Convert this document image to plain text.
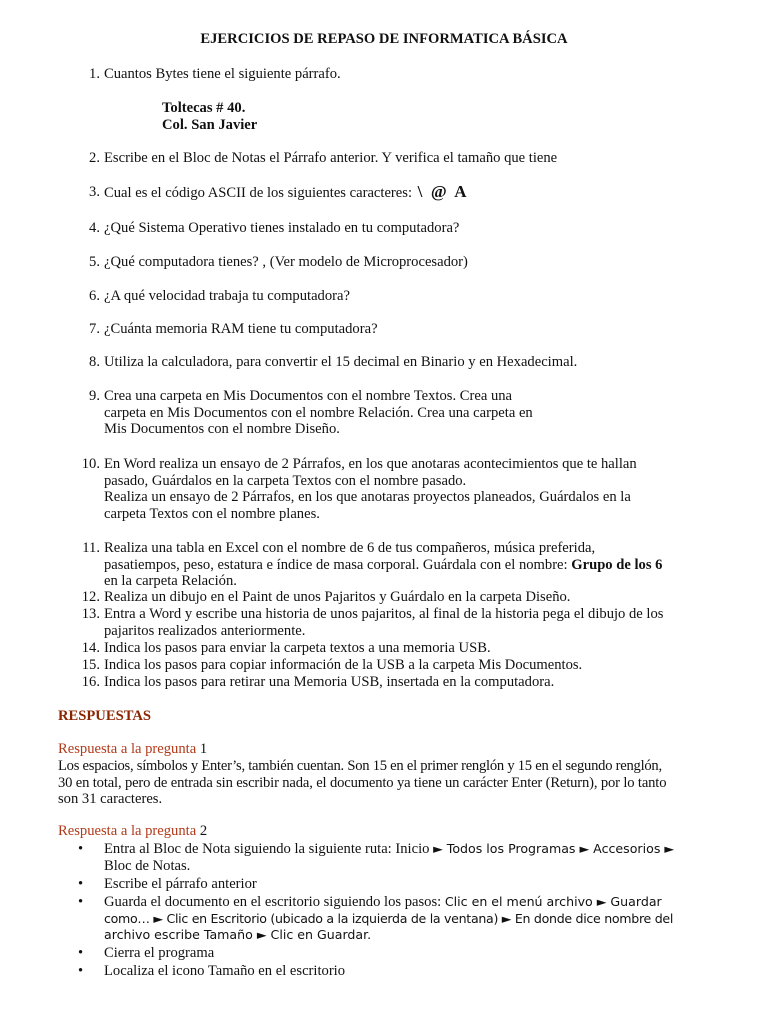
EJERCICIOS DE REPASO DE INFORMATICA BÁSICA
1. Cuantos Bytes tiene el siguiente párrafo.
Toltecas # 40.
Col. San Javier
2. Escribe en el Bloc de Notas el Párrafo anterior. Y verifica el tamaño que tiene
3. Cual es el código ASCII de los siguientes caracteres: \  @  A
4. ¿Qué Sistema Operativo tienes instalado en tu computadora?
5. ¿Qué computadora tienes? , (Ver modelo de Microprocesador)
6. ¿A qué velocidad trabaja tu computadora?
7. ¿Cuánta memoria RAM tiene tu computadora?
8. Utiliza la calculadora, para convertir el 15 decimal en Binario y en Hexadecimal.
9. Crea una carpeta en Mis Documentos con el nombre Textos. Crea una
carpeta en Mis Documentos con el nombre Relación. Crea una carpeta en
Mis Documentos con el nombre Diseño.
10. En Word realiza un ensayo de 2 Párrafos, en los que anotaras acontecimientos que te hallan
pasado, Guárdalos en la carpeta Textos con el nombre pasado.
Realiza un ensayo de 2 Párrafos, en los que anotaras proyectos planeados, Guárdalos en la
carpeta Textos con el nombre planes.
11. Realiza una tabla en Excel con el nombre de 6 de tus compañeros, música preferida,
pasatiempos, peso, estatura e índice de masa corporal. Guárdala con el nombre: Grupo de los 6
en la carpeta Relación.
12. Realiza un dibujo en el Paint de unos Pajaritos y Guárdalo en la carpeta Diseño.
13. Entra a Word y escribe una historia de unos pajaritos, al final de la historia pega el dibujo de los
pajaritos realizados anteriormente.
14. Indica los pasos para enviar la carpeta textos a una memoria USB.
15. Indica los pasos para copiar información de la USB a la carpeta Mis Documentos.
16. Indica los pasos para retirar una Memoria USB, insertada en la computadora.
RESPUESTAS
Respuesta a la pregunta 1
Los espacios, símbolos y Enter’s, también cuentan. Son 15 en el primer renglón y 15 en el segundo renglón,
30 en total, pero de entrada sin escribir nada, el documento ya tiene un carácter Enter (Return), por lo tanto
son 31 caracteres.
Respuesta a la pregunta 2
• Entra al Bloc de Nota siguiendo la siguiente ruta: Inicio ► Todos los Programas ► Accesorios ►
Bloc de Notas.
• Escribe el párrafo anterior
• Guarda el documento en el escritorio siguiendo los pasos: Clic en el menú archivo ► Guardar
como… ► Clic en Escritorio (ubicado a la izquierda de la ventana) ► En donde dice nombre del
archivo escribe Tamaño ► Clic en Guardar.
• Cierra el programa
• Localiza el icono Tamaño en el escritorio
